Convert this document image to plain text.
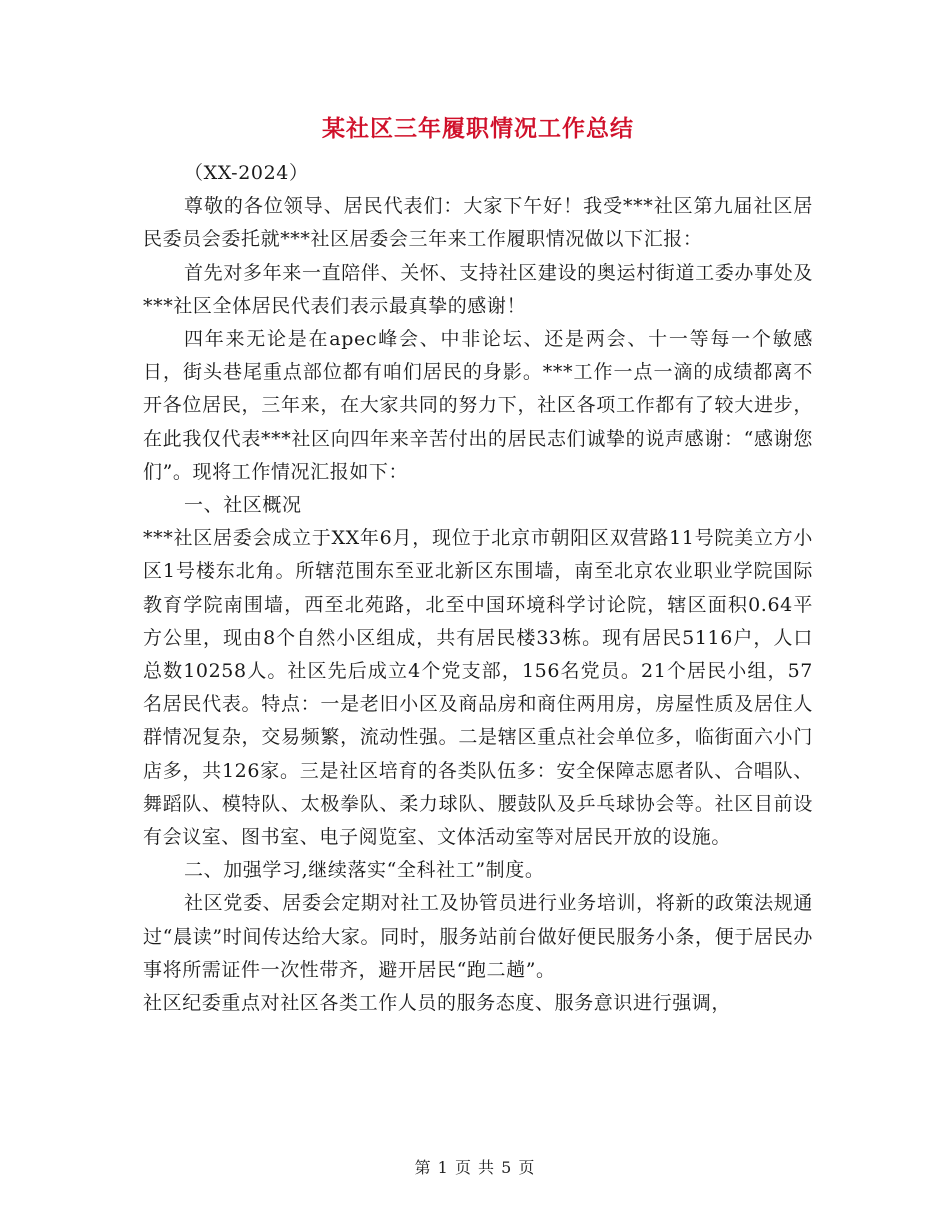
某社区三年履职情况工作总结

（XX-2024）

尊敬的各位领导、居民代表们：大家下午好！我受***社区第九届社区居民委员会委托就***社区居委会三年来工作履职情况做以下汇报：

首先对多年来一直陪伴、关怀、支持社区建设的奥运村街道工委办事处及***社区全体居民代表们表示最真挚的感谢！

四年来无论是在apec峰会、中非论坛、还是两会、十一等每一个敏感日，街头巷尾重点部位都有咱们居民的身影。***工作一点一滴的成绩都离不开各位居民，三年来，在大家共同的努力下，社区各项工作都有了较大进步，在此我仅代表***社区向四年来辛苦付出的居民志们诚挚的说声感谢：“感谢您们”。现将工作情况汇报如下：

一、社区概况

***社区居委会成立于XX年6月，现位于北京市朝阳区双营路11号院美立方小区1号楼东北角。所辖范围东至亚北新区东围墙，南至北京农业职业学院国际教育学院南围墙，西至北苑路，北至中国环境科学讨论院，辖区面积0.64平方公里，现由8个自然小区组成，共有居民楼33栋。现有居民5116户，人口总数10258人。社区先后成立4个党支部，156名党员。21个居民小组，57名居民代表。特点：一是老旧小区及商品房和商住两用房，房屋性质及居住人群情况复杂，交易频繁，流动性强。二是辖区重点社会单位多，临街面六小门店多，共126家。三是社区培育的各类队伍多：安全保障志愿者队、合唱队、舞蹈队、模特队、太极拳队、柔力球队、腰鼓队及乒乓球协会等。社区目前设有会议室、图书室、电子阅览室、文体活动室等对居民开放的设施。

二、加强学习,继续落实“全科社工”制度。

社区党委、居委会定期对社工及协管员进行业务培训，将新的政策法规通过“晨读”时间传达给大家。同时，服务站前台做好便民服务小条，便于居民办事将所需证件一次性带齐，避开居民“跑二趟”。

社区纪委重点对社区各类工作人员的服务态度、服务意识进行强调，

第 1 页 共 5 页
